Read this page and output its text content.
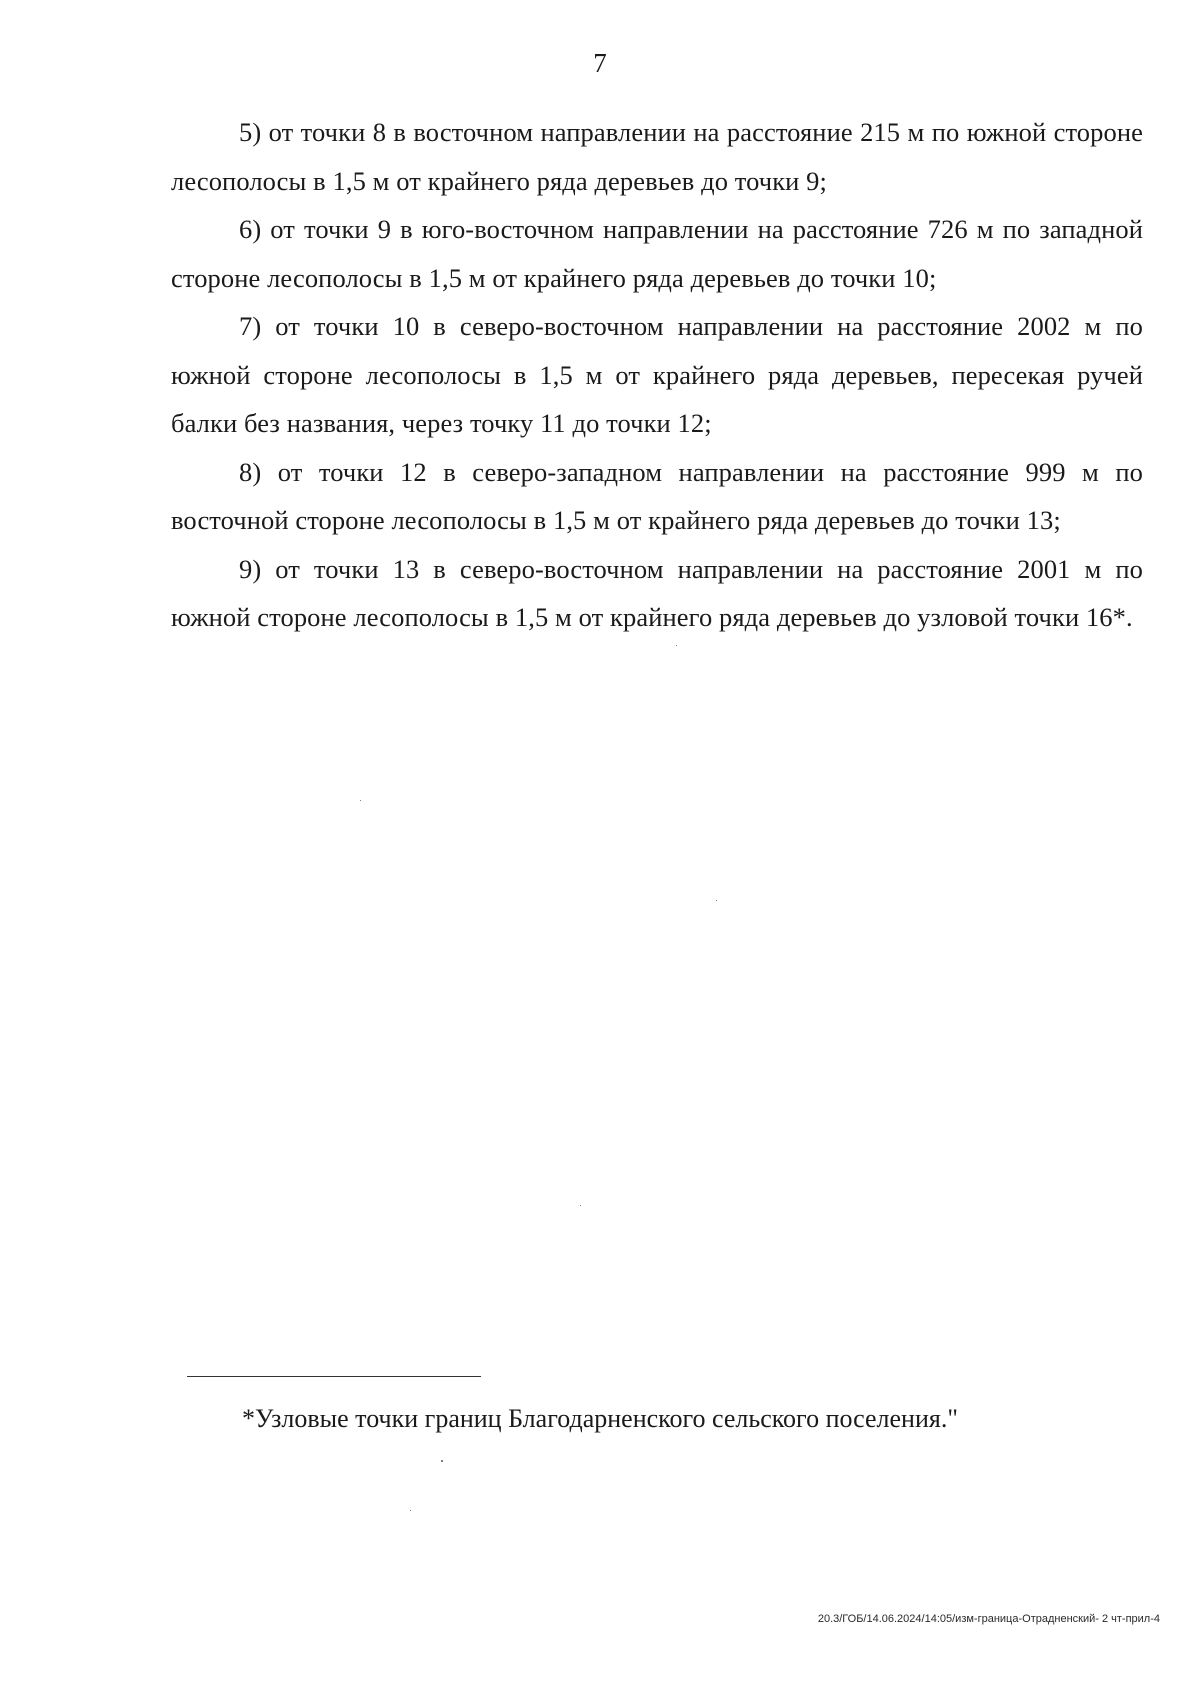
7

5) от точки 8 в восточном направлении на расстояние 215 м по южной стороне лесополосы в 1,5 м от крайнего ряда деревьев до точки 9;

6) от точки 9 в юго-восточном направлении на расстояние 726 м по западной стороне лесополосы в 1,5 м от крайнего ряда деревьев до точки 10;

7) от точки 10 в северо-восточном направлении на расстояние 2002 м по южной стороне лесополосы в 1,5 м от крайнего ряда деревьев, пересекая ручей балки без названия, через точку 11 до точки 12;

8) от точки 12 в северо-западном направлении на расстояние 999 м по восточной стороне лесополосы в 1,5 м от крайнего ряда деревьев до точки 13;

9) от точки 13 в северо-восточном направлении на расстояние 2001 м по южной стороне лесополосы в 1,5 м от крайнего ряда деревьев до узловой точки 16*.

*Узловые точки границ Благодарненского сельского поселения."
20.3/ГОБ/14.06.2024/14:05/изм-граница-Отрадненский- 2 чт-прил-4
